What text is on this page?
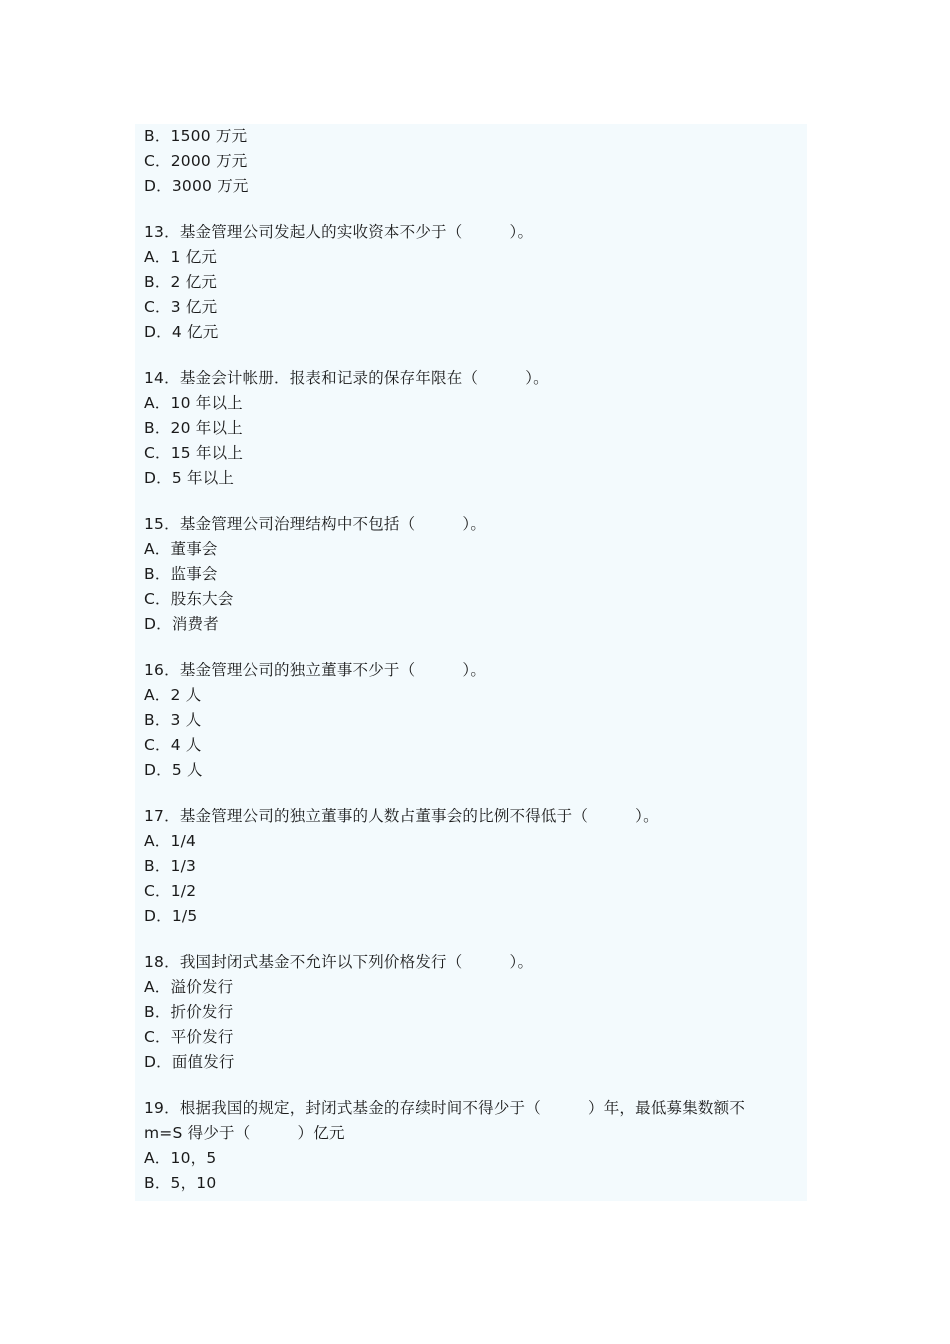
B．1500 万元
C．2000 万元
D．3000 万元
13．基金管理公司发起人的实收资本不少于（　　　）。
A．1 亿元
B．2 亿元
C．3 亿元
D．4 亿元
14．基金会计帐册．报表和记录的保存年限在（　　　）。
A．10 年以上
B．20 年以上
C．15 年以上
D．5 年以上
15．基金管理公司治理结构中不包括（　　　）。
A．董事会
B．监事会
C．股东大会
D．消费者
16．基金管理公司的独立董事不少于（　　　）。
A．2 人
B．3 人
C．4 人
D．5 人
17．基金管理公司的独立董事的人数占董事会的比例不得低于（　　　）。
A．1/4
B．1/3
C．1/2
D．1/5
18．我国封闭式基金不允许以下列价格发行（　　　）。
A．溢价发行
B．折价发行
C．平价发行
D．面值发行
19．根据我国的规定，封闭式基金的存续时间不得少于（　　　）年，最低募集数额不
m=S 得少于（　　　）亿元
A．10，5
B．5，10
